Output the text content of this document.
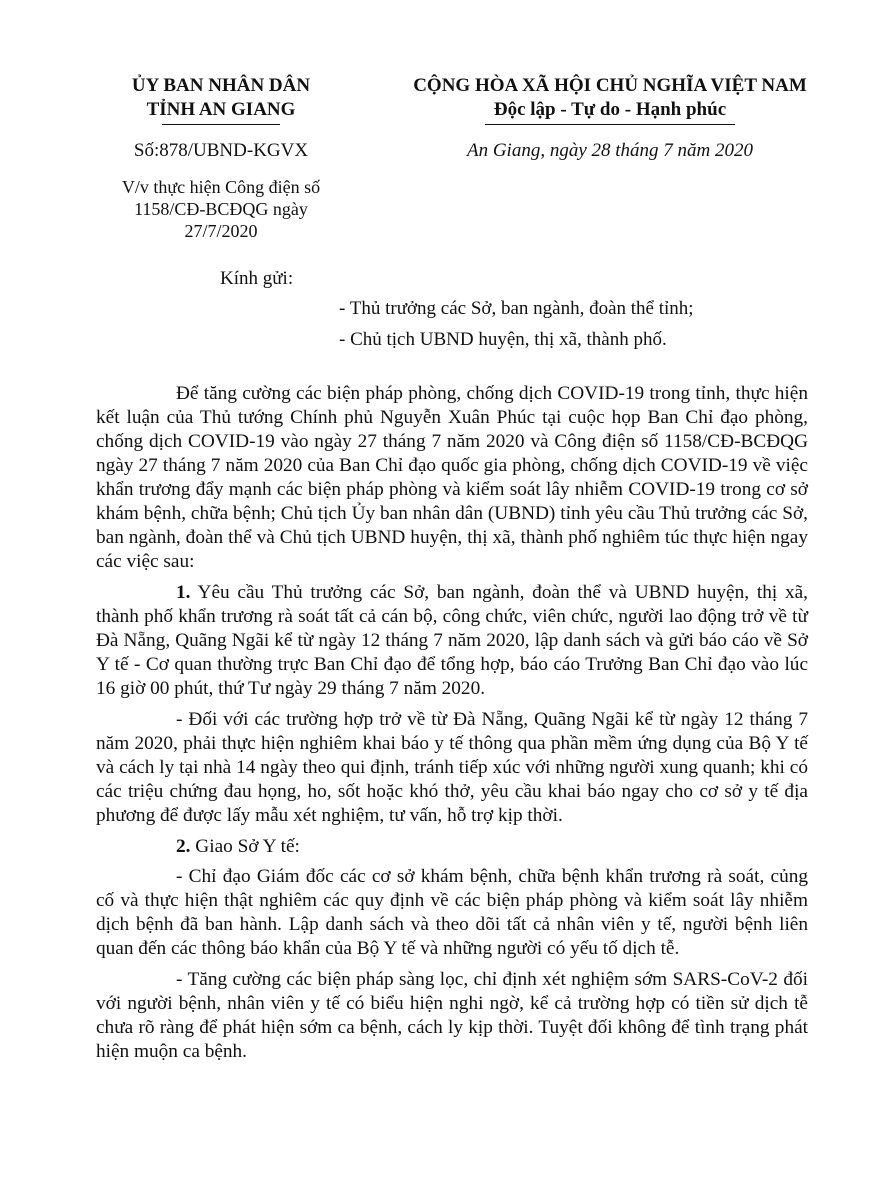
ỦY BAN NHÂN DÂN
TỈNH AN GIANG
CỘNG HÒA XÃ HỘI CHỦ NGHĨA VIỆT NAM
Độc lập - Tự do - Hạnh phúc
Số:878/UBND-KGVX
V/v thực hiện Công điện số
1158/CĐ-BCĐQG ngày
27/7/2020
An Giang, ngày 28 tháng 7 năm 2020
Kính gửi:
- Thủ trưởng các Sở, ban ngành, đoàn thể tỉnh;
- Chủ tịch UBND huyện, thị xã, thành phố.

Để tăng cường các biện pháp phòng, chống dịch COVID-19 trong tỉnh, thực hiện kết luận của Thủ tướng Chính phủ Nguyễn Xuân Phúc tại cuộc họp Ban Chỉ đạo phòng, chống dịch COVID-19 vào ngày 27 tháng 7 năm 2020 và Công điện số 1158/CĐ-BCĐQG ngày 27 tháng 7 năm 2020 của Ban Chỉ đạo quốc gia phòng, chống dịch COVID-19 về việc khẩn trương đẩy mạnh các biện pháp phòng và kiểm soát lây nhiễm COVID-19 trong cơ sở khám bệnh, chữa bệnh; Chủ tịch Ủy ban nhân dân (UBND) tỉnh yêu cầu Thủ trưởng các Sở, ban ngành, đoàn thể và Chủ tịch UBND huyện, thị xã, thành phố nghiêm túc thực hiện ngay các việc sau:

1. Yêu cầu Thủ trưởng các Sở, ban ngành, đoàn thể và UBND huyện, thị xã, thành phố khẩn trương rà soát tất cả cán bộ, công chức, viên chức, người lao động trở về từ Đà Nẵng, Quãng Ngãi kể từ ngày 12 tháng 7 năm 2020, lập danh sách và gửi báo cáo về Sở Y tế - Cơ quan thường trực Ban Chỉ đạo để tổng hợp, báo cáo Trưởng Ban Chỉ đạo vào lúc 16 giờ 00 phút, thứ Tư ngày 29 tháng 7 năm 2020.

- Đối với các trường hợp trở về từ Đà Nẵng, Quãng Ngãi kể từ ngày 12 tháng 7 năm 2020, phải thực hiện nghiêm khai báo y tế thông qua phần mềm ứng dụng của Bộ Y tế và cách ly tại nhà 14 ngày theo qui định, tránh tiếp xúc với những người xung quanh; khi có các triệu chứng đau họng, ho, sốt hoặc khó thở, yêu cầu khai báo ngay cho cơ sở y tế địa phương để được lấy mẫu xét nghiệm, tư vấn, hỗ trợ kịp thời.

2. Giao Sở Y tế:

- Chỉ đạo Giám đốc các cơ sở khám bệnh, chữa bệnh khẩn trương rà soát, củng cố và thực hiện thật nghiêm các quy định về các biện pháp phòng và kiểm soát lây nhiễm dịch bệnh đã ban hành. Lập danh sách và theo dõi tất cả nhân viên y tế, người bệnh liên quan đến các thông báo khẩn của Bộ Y tế và những người có yếu tố dịch tễ.

- Tăng cường các biện pháp sàng lọc, chỉ định xét nghiệm sớm SARS-CoV-2 đối với người bệnh, nhân viên y tế có biểu hiện nghi ngờ, kể cả trường hợp có tiền sử dịch tễ chưa rõ ràng để phát hiện sớm ca bệnh, cách ly kịp thời. Tuyệt đối không để tình trạng phát hiện muộn ca bệnh.
